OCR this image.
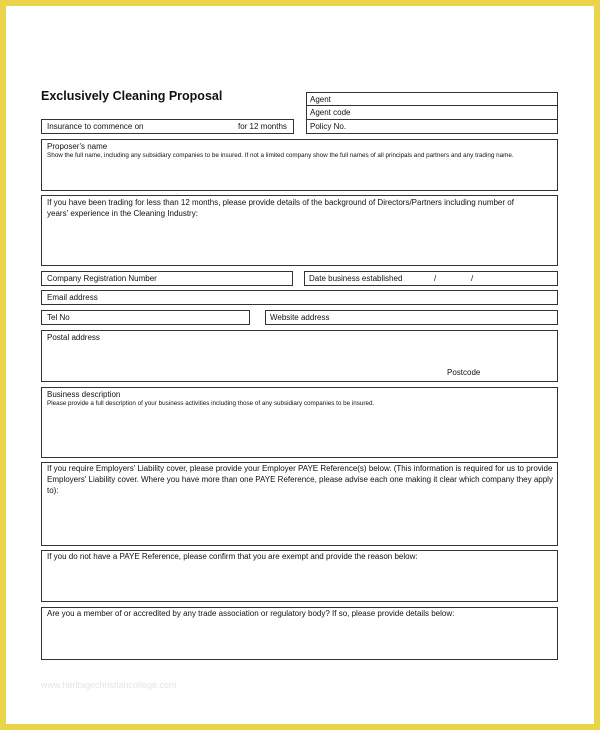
Exclusively Cleaning Proposal	Agent
Agent code
Policy No.
Insurance to commence on	for 12 months
Proposer's name
Show the full name, including any subsidiary companies to be insured. If not a limited company show the full names of all principals and partners and any trading name.
If you have been trading for less than 12 months, please provide details of the background of Directors/Partners including number of years' experience in the Cleaning Industry:
Company Registration Number	Date business established	/	/
Email address
Tel No	Website address
Postal address
Postcode
Business description
Please provide a full description of your business activities including those of any subsidiary companies to be insured.
If you require Employers' Liability cover, please provide your Employer PAYE Reference(s) below. (This information is required for us to provide Employers' Liability cover. Where you have more than one PAYE Reference, please advise each one making it clear which company they apply to):
If you do not have a PAYE Reference, please confirm that you are exempt and provide the reason below:
Are you a member of or accredited by any trade association or regulatory body? If so, please provide details below:
www.heritagechristiancollege.com
